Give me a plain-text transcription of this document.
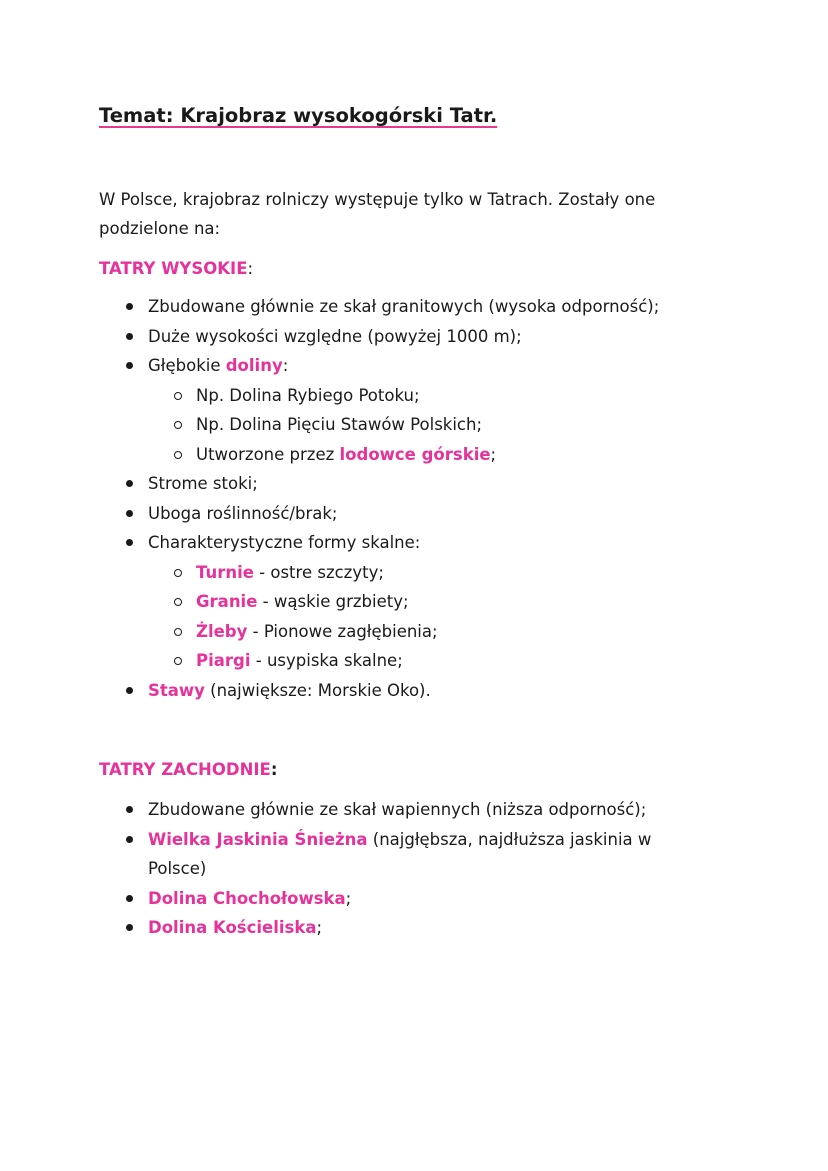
Temat: Krajobraz wysokogórski Tatr.

W Polsce, krajobraz rolniczy występuje tylko w Tatrach. Zostały one podzielone na:

TATRY WYSOKIE:
Zbudowane głównie ze skał granitowych (wysoka odporność);
Duże wysokości względne (powyżej 1000 m);
Głębokie doliny:
Np. Dolina Rybiego Potoku;
Np. Dolina Pięciu Stawów Polskich;
Utworzone przez lodowce górskie;
Strome stoki;
Uboga roślinność/brak;
Charakterystyczne formy skalne:
Turnie - ostre szczyty;
Granie - wąskie grzbiety;
Żleby - Pionowe zagłębienia;
Piargi - usypiska skalne;
Stawy (największe: Morskie Oko).
TATRY ZACHODNIE:
Zbudowane głównie ze skał wapiennych (niższa odporność);
Wielka Jaskinia Śnieżna (najgłębsza, najdłuższa jaskinia w Polsce)
Dolina Chochołowska;
Dolina Kościeliska;
